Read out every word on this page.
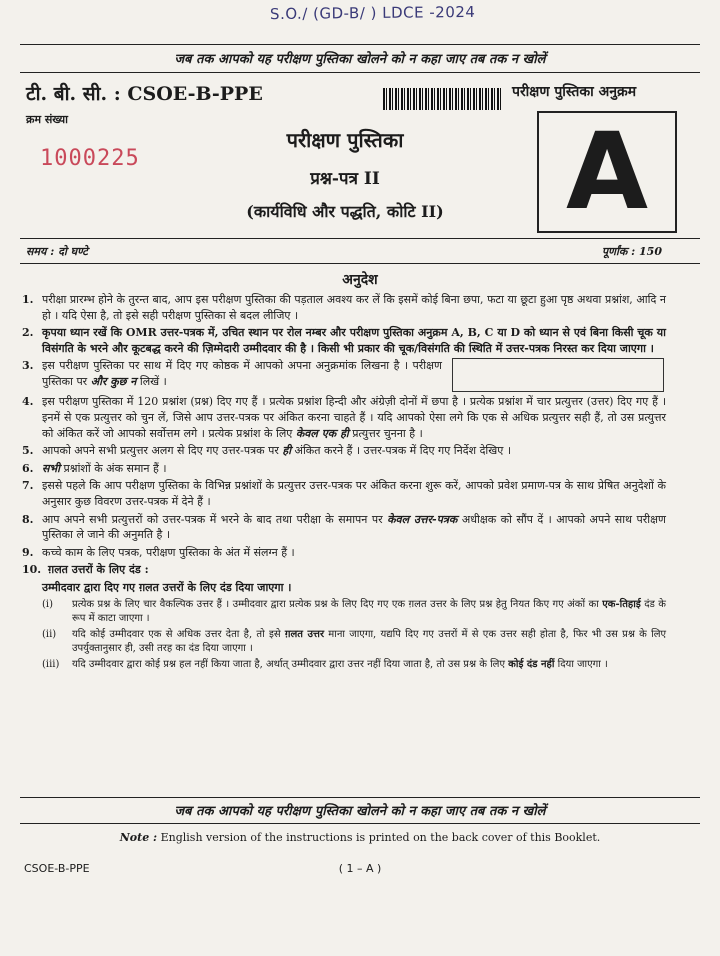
S.O./ (GD-B/ ) LDCE -2024
जब तक आपको यह परीक्षण पुस्तिका खोलने को न कहा जाए तब तक न खोलें
टी. बी. सी. : CSOE-B-PPE	परीक्षण पुस्तिका अनुक्रम
क्रम संख्या
1000225
परीक्षण पुस्तिका
प्रश्न-पत्र II
(कार्यविधि और पद्धति, कोटि II)	A
समय : दो घण्टे	पूर्णांक : 150
अनुदेश
1. परीक्षा प्रारम्भ होने के तुरन्त बाद, आप इस परीक्षण पुस्तिका की पड़ताल अवश्य कर लें कि इसमें कोई बिना छपा, फटा या छूटा हुआ पृष्ठ अथवा प्रश्नांश, आदि न हो । यदि ऐसा है, तो इसे सही परीक्षण पुस्तिका से बदल लीजिए ।
2. कृपया ध्यान रखें कि OMR उत्तर-पत्रक में, उचित स्थान पर रोल नम्बर और परीक्षण पुस्तिका अनुक्रम A, B, C या D को ध्यान से एवं बिना किसी चूक या विसंगति के भरने और कूटबद्ध करने की ज़िम्मेदारी उम्मीदवार की है । किसी भी प्रकार की चूक/विसंगति की स्थिति में उत्तर-पत्रक निरस्त कर दिया जाएगा ।
3. इस परीक्षण पुस्तिका पर साथ में दिए गए कोष्ठक में आपको अपना अनुक्रमांक लिखना है । परीक्षण पुस्तिका पर और कुछ न लिखें ।
4. इस परीक्षण पुस्तिका में 120 प्रश्नांश (प्रश्न) दिए गए हैं । प्रत्येक प्रश्नांश हिन्दी और अंग्रेज़ी दोनों में छपा है । प्रत्येक प्रश्नांश में चार प्रत्युत्तर (उत्तर) दिए गए हैं । इनमें से एक प्रत्युत्तर को चुन लें, जिसे आप उत्तर-पत्रक पर अंकित करना चाहते हैं । यदि आपको ऐसा लगे कि एक से अधिक प्रत्युत्तर सही हैं, तो उस प्रत्युत्तर को अंकित करें जो आपको सर्वोत्तम लगे । प्रत्येक प्रश्नांश के लिए केवल एक ही प्रत्युत्तर चुनना है ।
5. आपको अपने सभी प्रत्युत्तर अलग से दिए गए उत्तर-पत्रक पर ही अंकित करने हैं । उत्तर-पत्रक में दिए गए निर्देश देखिए ।
6. सभी प्रश्नांशों के अंक समान हैं ।
7. इससे पहले कि आप परीक्षण पुस्तिका के विभिन्न प्रश्नांशों के प्रत्युत्तर उत्तर-पत्रक पर अंकित करना शुरू करें, आपको प्रवेश प्रमाण-पत्र के साथ प्रेषित अनुदेशों के अनुसार कुछ विवरण उत्तर-पत्रक में देने हैं ।
8. आप अपने सभी प्रत्युत्तरों को उत्तर-पत्रक में भरने के बाद तथा परीक्षा के समापन पर केवल उत्तर-पत्रक अधीक्षक को सौंप दें । आपको अपने साथ परीक्षण पुस्तिका ले जाने की अनुमति है ।
9. कच्चे काम के लिए पत्रक, परीक्षण पुस्तिका के अंत में संलग्न हैं ।
10. ग़लत उत्तरों के लिए दंड :
उम्मीदवार द्वारा दिए गए ग़लत उत्तरों के लिए दंड दिया जाएगा ।
(i)	प्रत्येक प्रश्न के लिए चार वैकल्पिक उत्तर हैं । उम्मीदवार द्वारा प्रत्येक प्रश्न के लिए दिए गए एक ग़लत उत्तर के लिए प्रश्न हेतु नियत किए गए अंकों का एक-तिहाई दंड के रूप में काटा जाएगा ।
(ii)	यदि कोई उम्मीदवार एक से अधिक उत्तर देता है, तो इसे ग़लत उत्तर माना जाएगा, यद्यपि दिए गए उत्तरों में से एक उत्तर सही होता है, फिर भी उस प्रश्न के लिए उपर्युक्तानुसार ही, उसी तरह का दंड दिया जाएगा ।
(iii)	यदि उम्मीदवार द्वारा कोई प्रश्न हल नहीं किया जाता है, अर्थात् उम्मीदवार द्वारा उत्तर नहीं दिया जाता है, तो उस प्रश्न के लिए कोई दंड नहीं दिया जाएगा ।
जब तक आपको यह परीक्षण पुस्तिका खोलने को न कहा जाए तब तक न खोलें
Note : English version of the instructions is printed on the back cover of this Booklet.
CSOE-B-PPE	( 1 – A )
